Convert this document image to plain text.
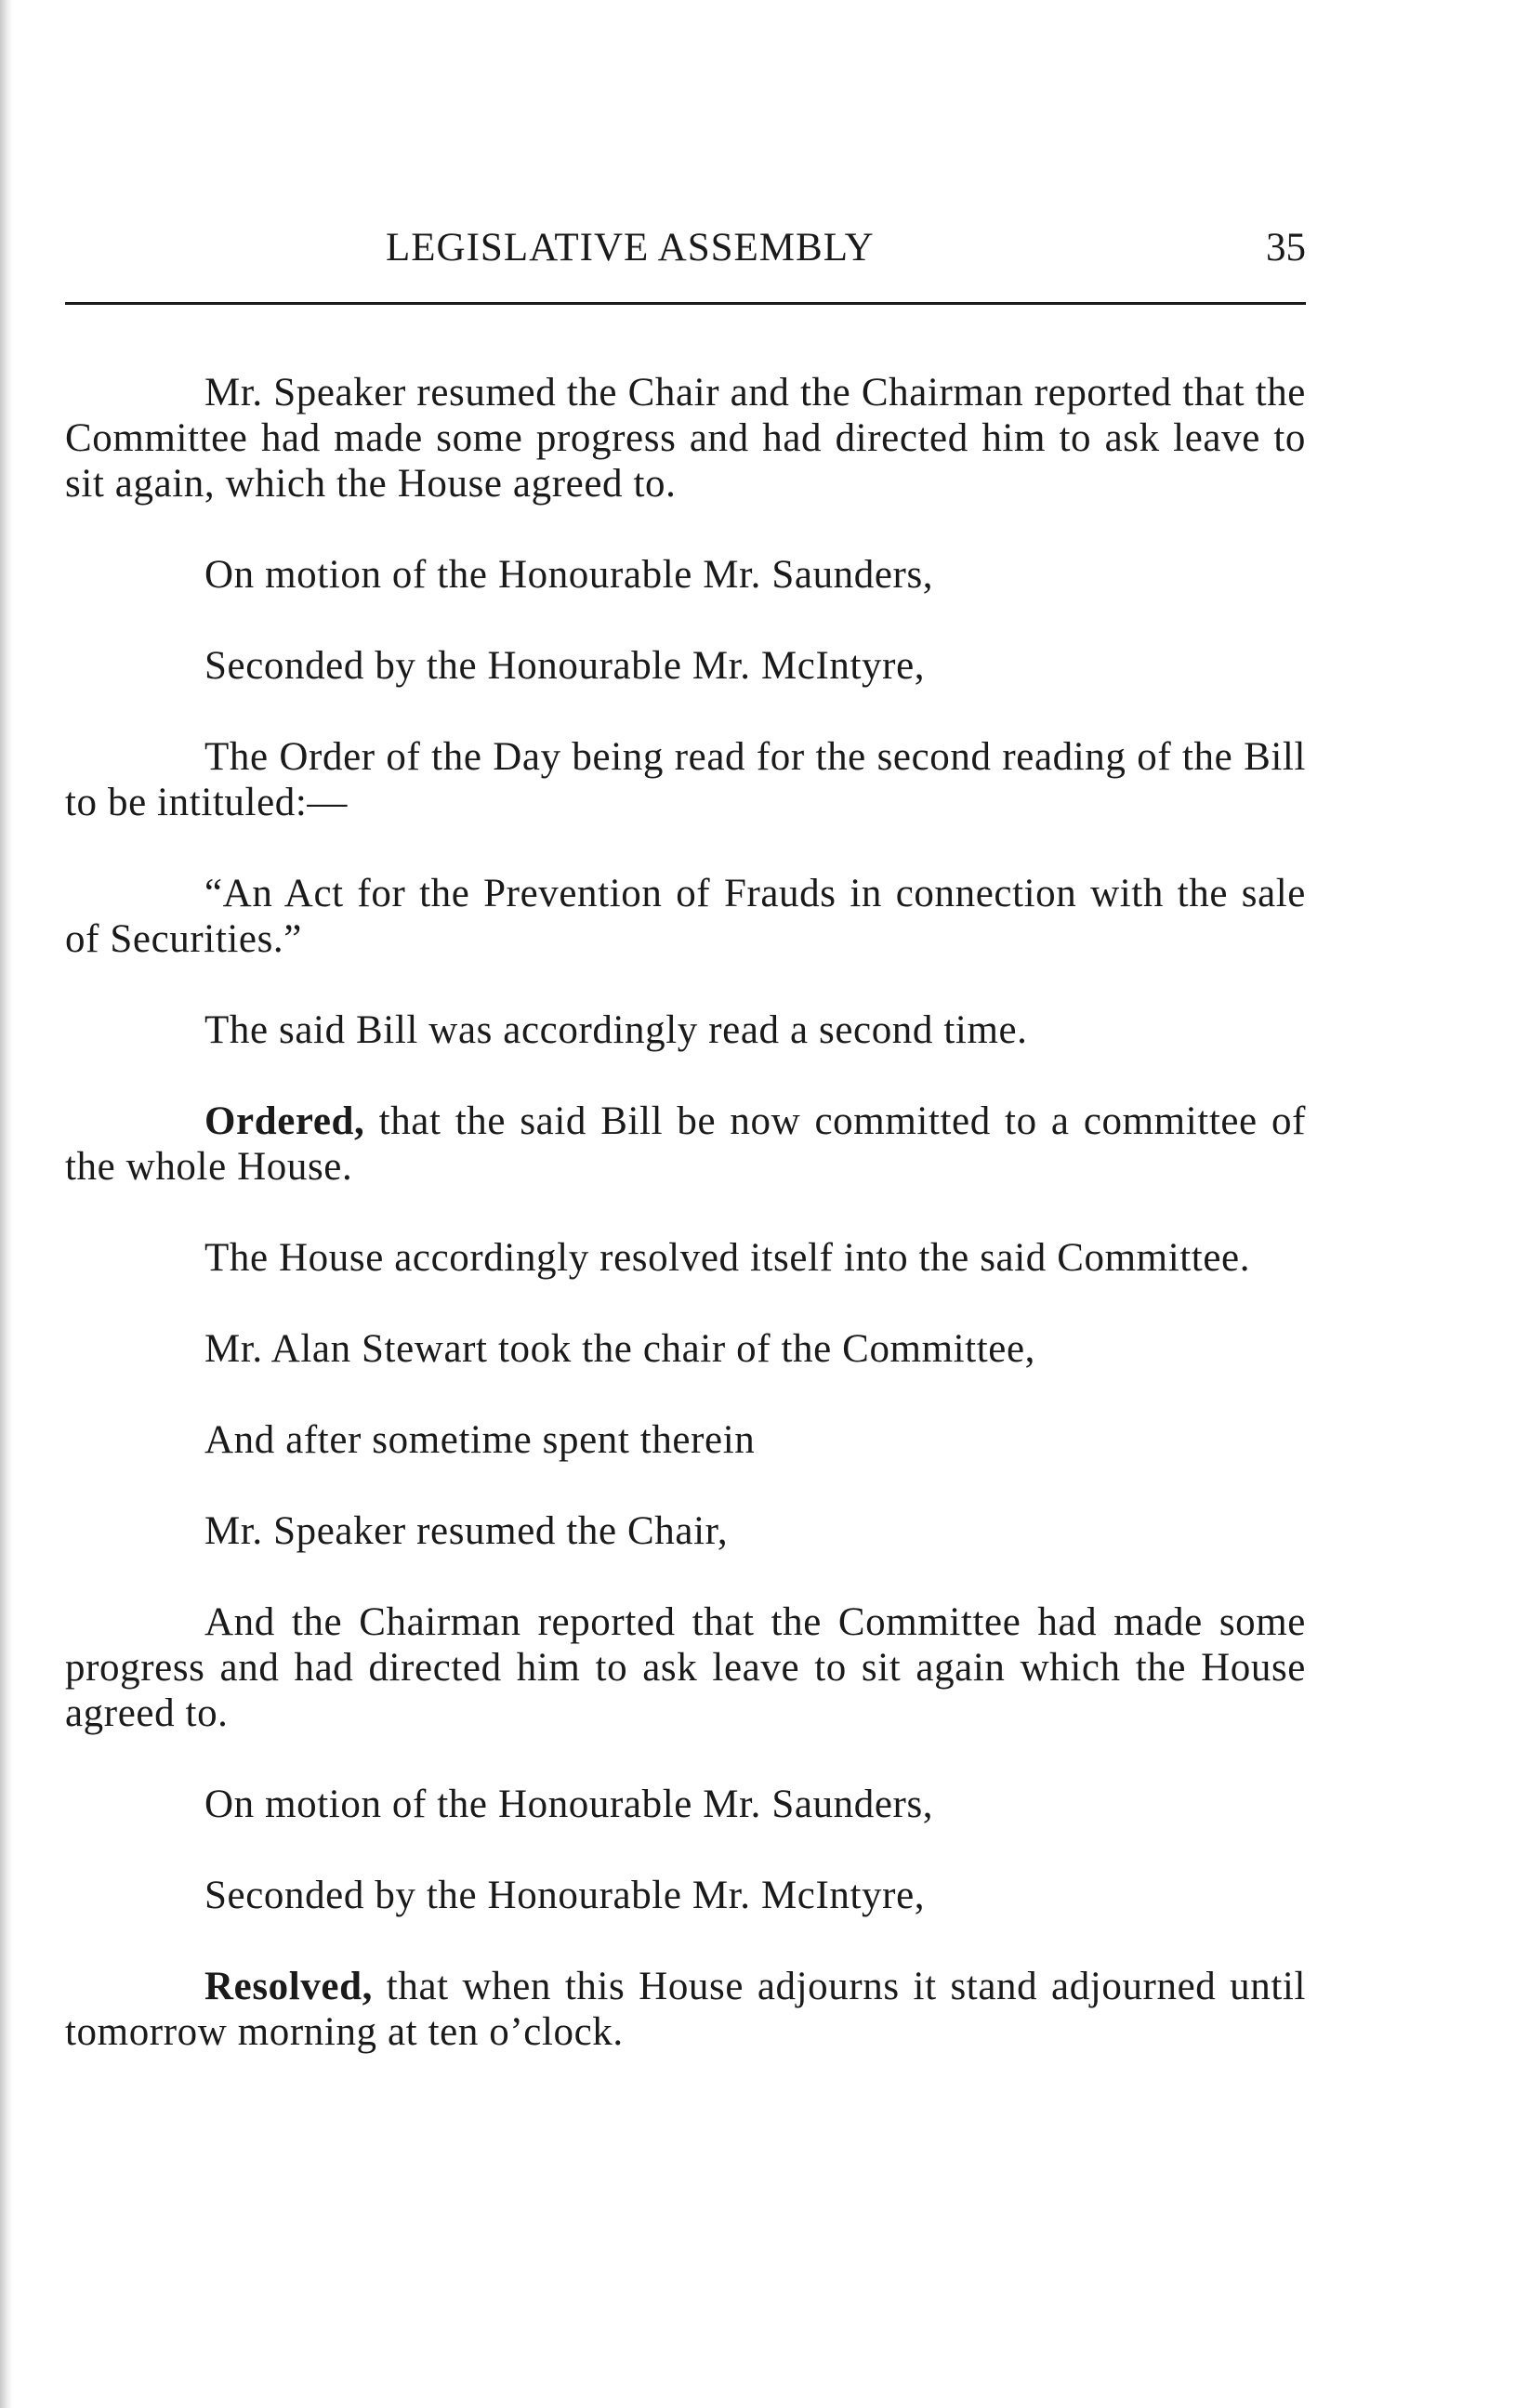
LEGISLATIVE ASSEMBLY	35

Mr. Speaker resumed the Chair and the Chairman reported that the Committee had made some progress and had directed him to ask leave to sit again, which the House agreed to.

On motion of the Honourable Mr. Saunders,

Seconded by the Honourable Mr. McIntyre,

The Order of the Day being read for the second reading of the Bill to be intituled:—

“An Act for the Prevention of Frauds in connection with the sale of Securities.”

The said Bill was accordingly read a second time.

Ordered, that the said Bill be now committed to a committee of the whole House.

The House accordingly resolved itself into the said Committee.

Mr. Alan Stewart took the chair of the Committee,

And after sometime spent therein

Mr. Speaker resumed the Chair,

And the Chairman reported that the Committee had made some progress and had directed him to ask leave to sit again which the House agreed to.

On motion of the Honourable Mr. Saunders,

Seconded by the Honourable Mr. McIntyre,

Resolved, that when this House adjourns it stand adjourned until tomorrow morning at ten o’clock.
